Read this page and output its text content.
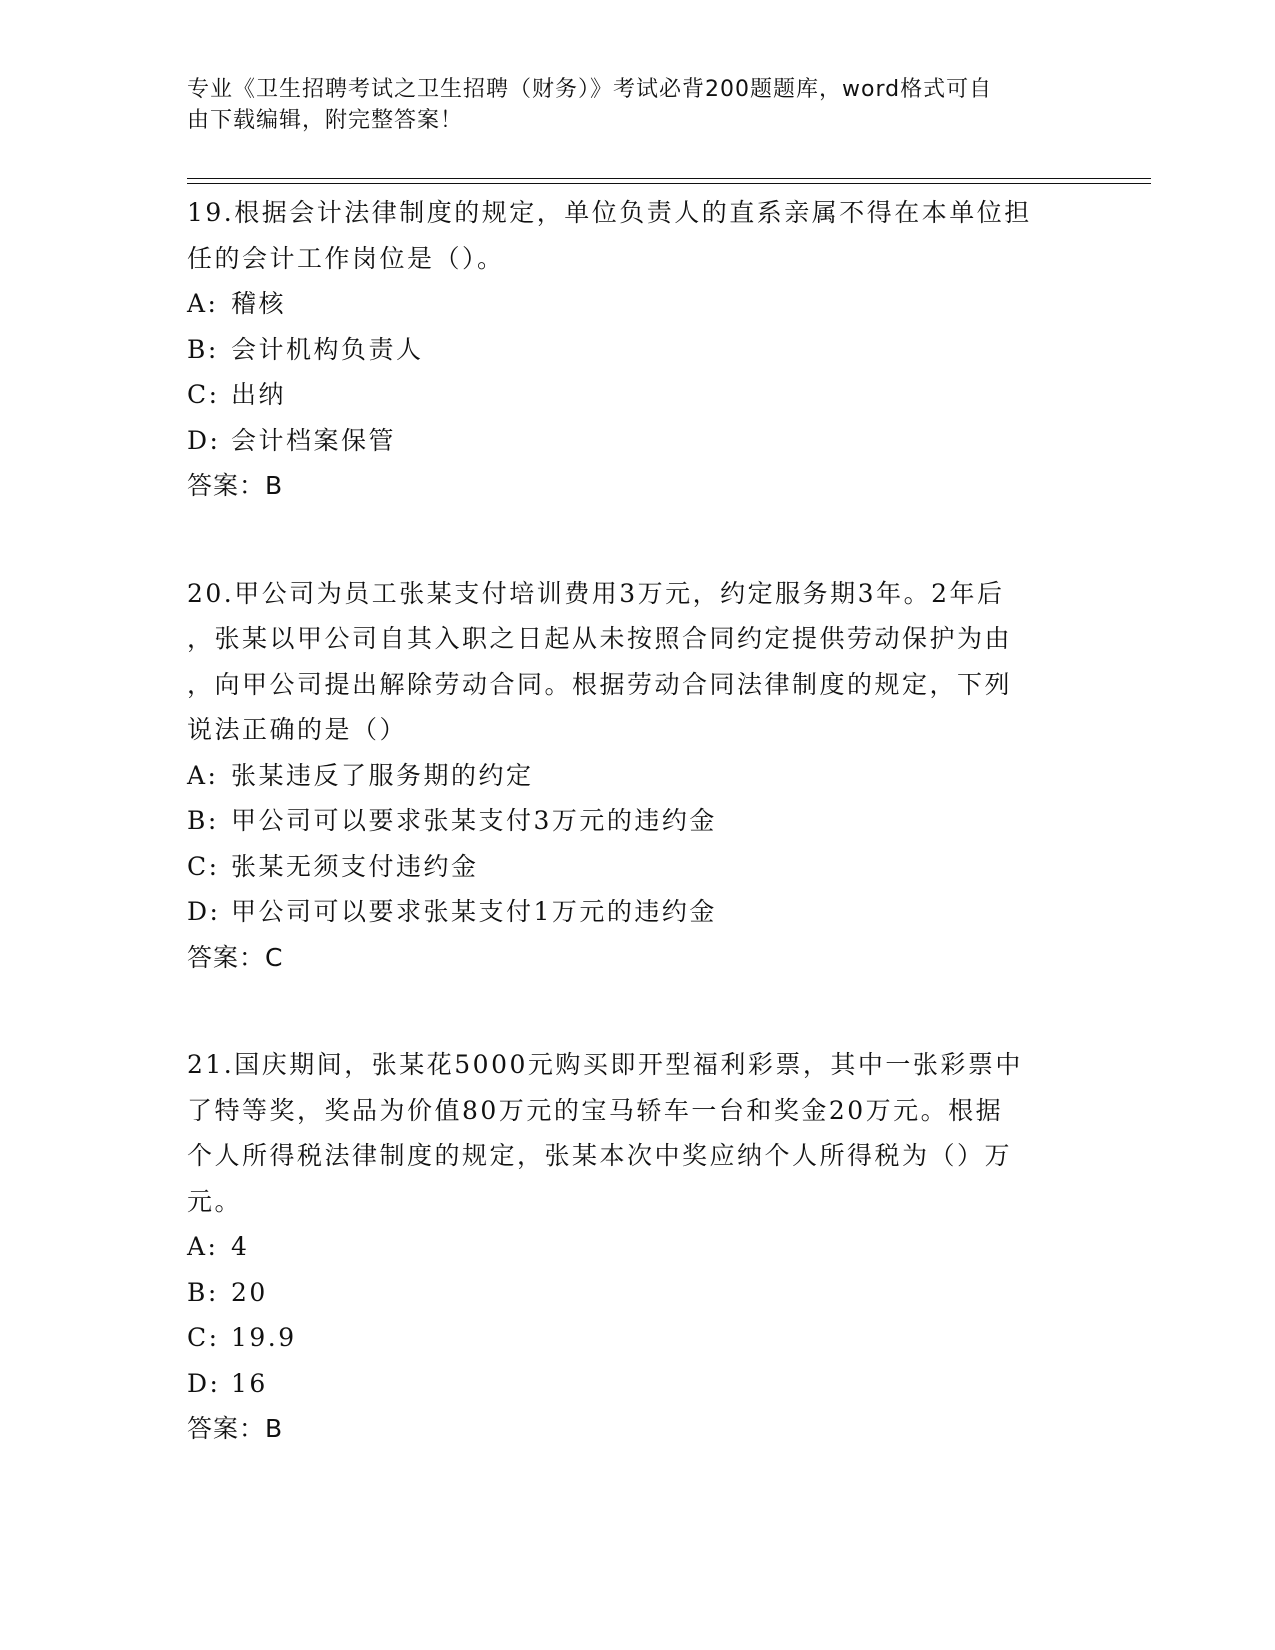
专业《卫生招聘考试之卫生招聘（财务）》考试必背200题题库，word格式可自
由下载编辑，附完整答案！
19.根据会计法律制度的规定，单位负责人的直系亲属不得在本单位担
任的会计工作岗位是（）。
A: 稽核
B: 会计机构负责人
C: 出纳
D: 会计档案保管
答案：B
20.甲公司为员工张某支付培训费用3万元，约定服务期3年。2年后
，张某以甲公司自其入职之日起从未按照合同约定提供劳动保护为由
，向甲公司提出解除劳动合同。根据劳动合同法律制度的规定，下列
说法正确的是（）
A: 张某违反了服务期的约定
B: 甲公司可以要求张某支付3万元的违约金
C: 张某无须支付违约金
D: 甲公司可以要求张某支付1万元的违约金
答案：C
21.国庆期间，张某花5000元购买即开型福利彩票，其中一张彩票中
了特等奖，奖品为价值80万元的宝马轿车一台和奖金20万元。根据
个人所得税法律制度的规定，张某本次中奖应纳个人所得税为（）万
元。
A: 4
B: 20
C: 19.9
D: 16
答案：B
